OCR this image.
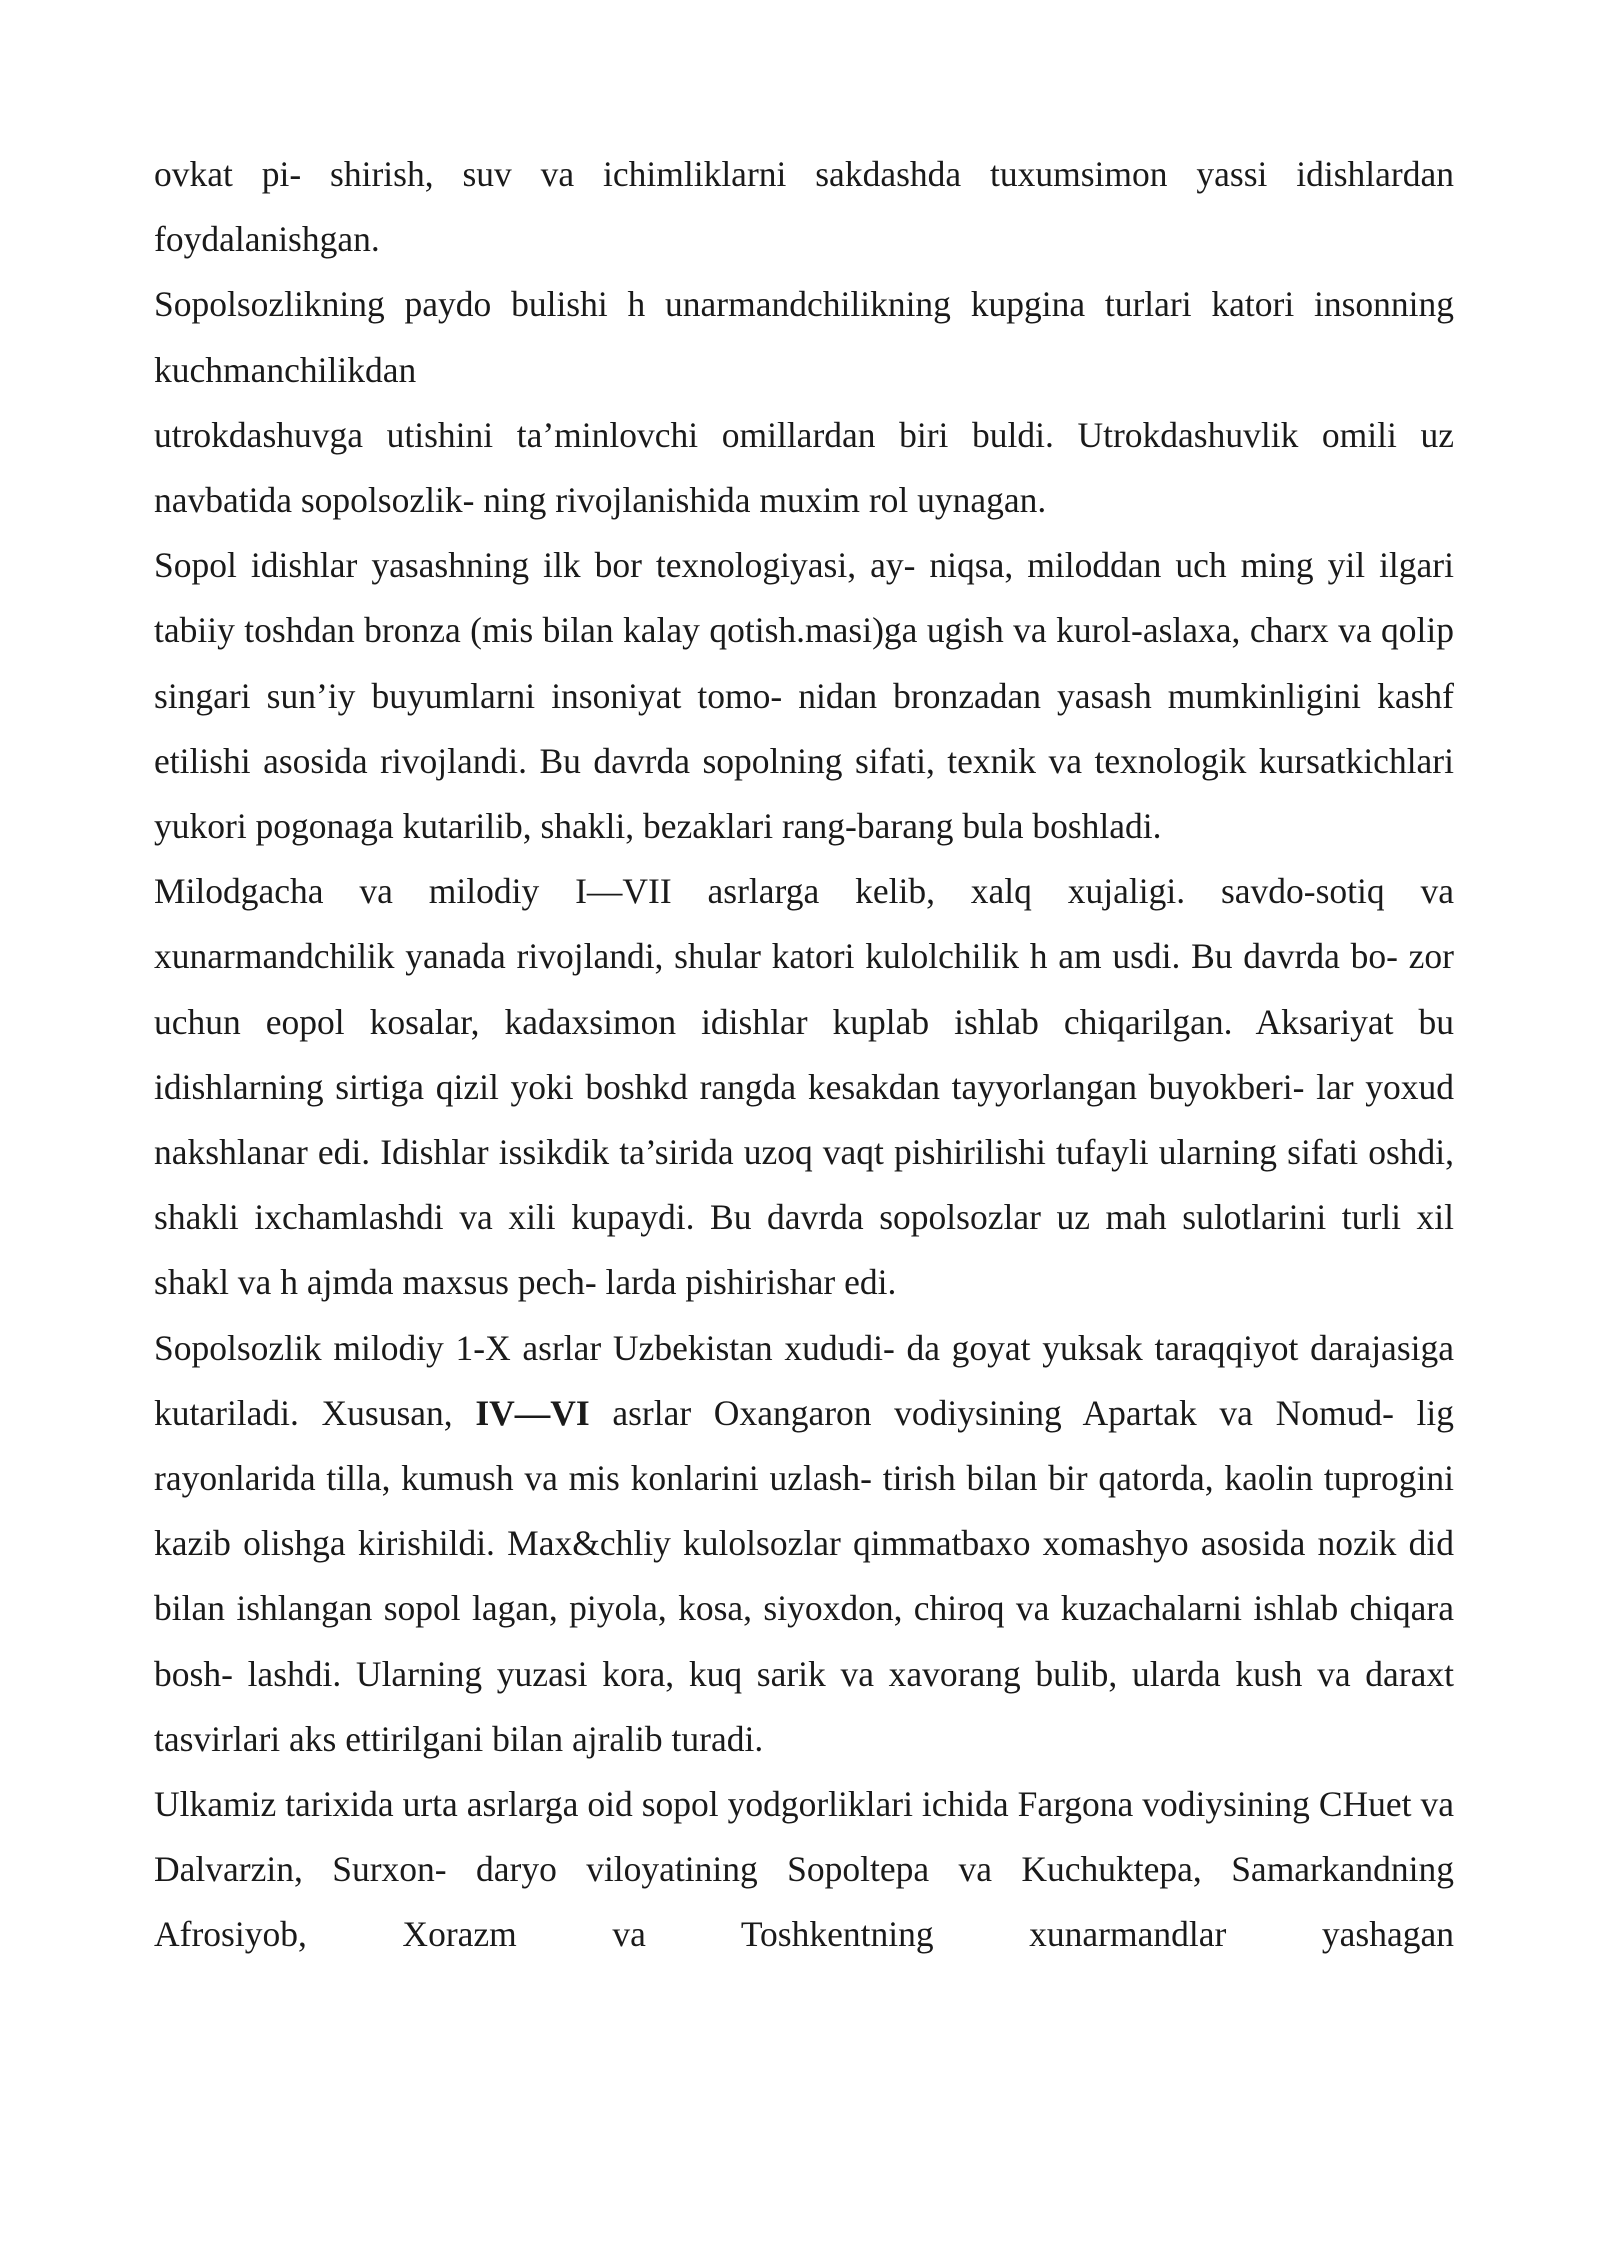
ovkat pi- shirish, suv va ichimliklarni sakdashda tuxumsimon yassi idishlardan foydalanishgan.

Sopolsozlikning paydo bulishi h unarmandchilikning kupgina turlari katori insonning kuchmanchilikdan

utrokdashuvga utishini ta’minlovchi omillardan biri buldi. Utrokdashuvlik omili uz navbatida sopolsozlik- ning rivojlanishida muxim rol uynagan.

Sopol idishlar yasashning ilk bor texnologiyasi, ay- niqsa, miloddan uch ming yil ilgari tabiiy toshdan bronza (mis bilan kalay qotish.masi)ga ugish va kurol-aslaxa, charx va qolip singari sun’iy buyumlarni insoniyat tomo- nidan bronzadan yasash mumkinligini kashf etilishi asosida rivojlandi. Bu davrda sopolning sifati, texnik va texnologik kursatkichlari yukori pogonaga kutarilib, shakli, bezaklari rang-barang bula boshladi.

Milodgacha va milodiy I—VII asrlarga kelib, xalq xujaligi. savdo-sotiq va xunarmandchilik yanada rivojlandi, shular katori kulolchilik h am usdi. Bu davrda bo- zor uchun eopol kosalar, kadaxsimon idishlar kuplab ishlab chiqarilgan. Aksariyat bu idishlarning sirtiga qizil yoki boshkd rangda kesakdan tayyorlangan buyokberi- lar yoxud nakshlanar edi. Idishlar issikdik ta’sirida uzoq vaqt pishirilishi tufayli ularning sifati oshdi, shakli ixchamlashdi va xili kupaydi. Bu davrda sopolsozlar uz mah sulotlarini turli xil shakl va h ajmda maxsus pech- larda pishirishar edi.

Sopolsozlik milodiy 1-X asrlar Uzbekistan xududi- da goyat yuksak taraqqiyot darajasiga kutariladi. Xususan, IV—VI asrlar Oxangaron vodiysining Apartak va Nomud- lig rayonlarida tilla, kumush va mis konlarini uzlash- tirish bilan bir qatorda, kaolin tuprogini kazib olishga kirishildi. Max&chliy kulolsozlar qimmatbaxo xomashyo asosida nozik did bilan ishlangan sopol lagan, piyola, kosa, siyoxdon, chiroq va kuzachalarni ishlab chiqara bosh- lashdi. Ularning yuzasi kora, kuq sarik va xavorang bulib, ularda kush va daraxt tasvirlari aks ettirilgani bilan ajralib turadi.

Ulkamiz tarixida urta asrlarga oid sopol yodgorliklari ichida Fargona vodiysining CHuet va Dalvarzin, Surxon- daryo viloyatining Sopoltepa va Kuchuktepa, Samarkandning Afrosiyob, Xorazm va Toshkentning xunarmandlar yashagan
